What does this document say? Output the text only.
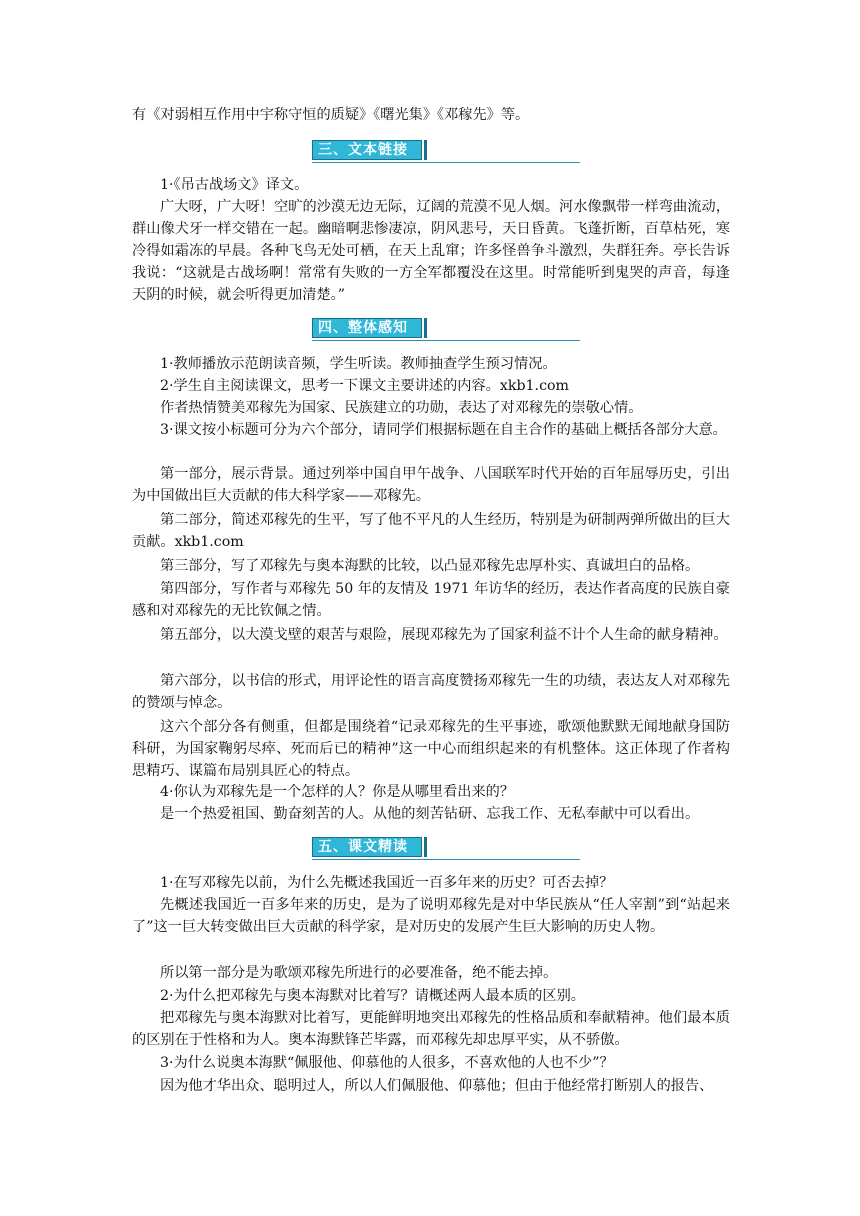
有《对弱相互作用中宇称守恒的质疑》《曙光集》《邓稼先》等。

三、文本链接

1·《吊古战场文》译文。

广大呀，广大呀！空旷的沙漠无边无际，辽阔的荒漠不见人烟。河水像飘带一样弯曲流动，群山像犬牙一样交错在一起。幽暗啊悲惨凄凉，阴风悲号，天日昏黄。飞蓬折断，百草枯死，寒冷得如霜冻的早晨。各种飞鸟无处可栖，在天上乱窜；许多怪兽争斗激烈，失群狂奔。亭长告诉我说：“这就是古战场啊！常常有失败的一方全军都覆没在这里。时常能听到鬼哭的声音，每逢天阴的时候，就会听得更加清楚。”

四、整体感知

1·教师播放示范朗读音频，学生听读。教师抽查学生预习情况。

2·学生自主阅读课文，思考一下课文主要讲述的内容。xkb1.com

作者热情赞美邓稼先为国家、民族建立的功勋，表达了对邓稼先的崇敬心情。

3·课文按小标题可分为六个部分，请同学们根据标题在自主合作的基础上概括各部分大意。

第一部分，展示背景。通过列举中国自甲午战争、八国联军时代开始的百年屈辱历史，引出为中国做出巨大贡献的伟大科学家——邓稼先。

第二部分，简述邓稼先的生平，写了他不平凡的人生经历，特别是为研制两弹所做出的巨大贡献。xkb1.com

第三部分，写了邓稼先与奥本海默的比较，以凸显邓稼先忠厚朴实、真诚坦白的品格。

第四部分，写作者与邓稼先 50 年的友情及 1971 年访华的经历，表达作者高度的民族自豪感和对邓稼先的无比钦佩之情。

第五部分，以大漠戈壁的艰苦与艰险，展现邓稼先为了国家利益不计个人生命的献身精神。

第六部分，以书信的形式，用评论性的语言高度赞扬邓稼先一生的功绩，表达友人对邓稼先的赞颂与悼念。

这六个部分各有侧重，但都是围绕着“记录邓稼先的生平事迹，歌颂他默默无闻地献身国防科研，为国家鞠躬尽瘁、死而后已的精神”这一中心而组织起来的有机整体。这正体现了作者构思精巧、谋篇布局别具匠心的特点。

4·你认为邓稼先是一个怎样的人？你是从哪里看出来的？

是一个热爱祖国、勤奋刻苦的人。从他的刻苦钻研、忘我工作、无私奉献中可以看出。

五、课文精读

1·在写邓稼先以前，为什么先概述我国近一百多年来的历史？可否去掉？

先概述我国近一百多年来的历史，是为了说明邓稼先是对中华民族从“任人宰割”到“站起来了”这一巨大转变做出巨大贡献的科学家，是对历史的发展产生巨大影响的历史人物。

所以第一部分是为歌颂邓稼先所进行的必要准备，绝不能去掉。

2·为什么把邓稼先与奥本海默对比着写？请概述两人最本质的区别。

把邓稼先与奥本海默对比着写，更能鲜明地突出邓稼先的性格品质和奉献精神。他们最本质的区别在于性格和为人。奥本海默锋芒毕露，而邓稼先却忠厚平实，从不骄傲。

3·为什么说奥本海默“佩服他、仰慕他的人很多，不喜欢他的人也不少”？

因为他才华出众、聪明过人，所以人们佩服他、仰慕他；但由于他经常打断别人的报告、
